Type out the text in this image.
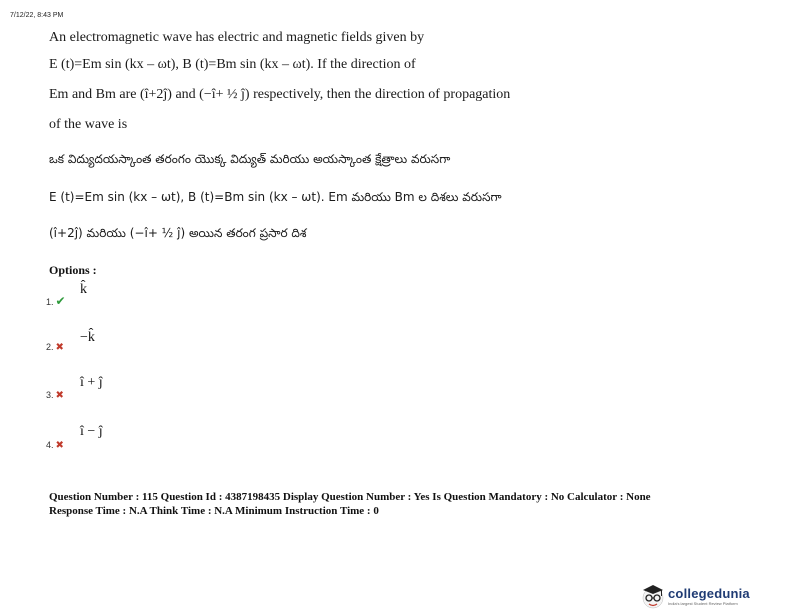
7/12/22, 8:43 PM
An electromagnetic wave has electric and magnetic fields given by
E (t)=Em sin (kx – ωt), B (t)=Bm sin (kx – ωt). If the direction of
Em and Bm are (î+2ĵ) and (−î+ ½ ĵ) respectively, then the direction of propagation
of the wave is
ఒక విద్యుదయస్కాంత తరంగం యొక్క విద్యుత్ మరియు అయస్కాంత క్షేత్రాలు వరుసగా
E (t)=Em sin (kx – ωt), B (t)=Bm sin (kx – ωt). Em మరియు Bm ల దిశలు వరుసగా
(î+2ĵ) మరియు (−î+ ½ ĵ) అయిన తరంగ ప్రసార దిశ
Options :
1. ✔
k̂
2. ✖
−k̂
3. ✖
î + ĵ
4. ✖
î − ĵ
Question Number : 115 Question Id : 4387198435 Display Question Number : Yes Is Question Mandatory : No Calculator : None
Response Time : N.A Think Time : N.A Minimum Instruction Time : 0
collegedunia
India's largest Student Review Platform
